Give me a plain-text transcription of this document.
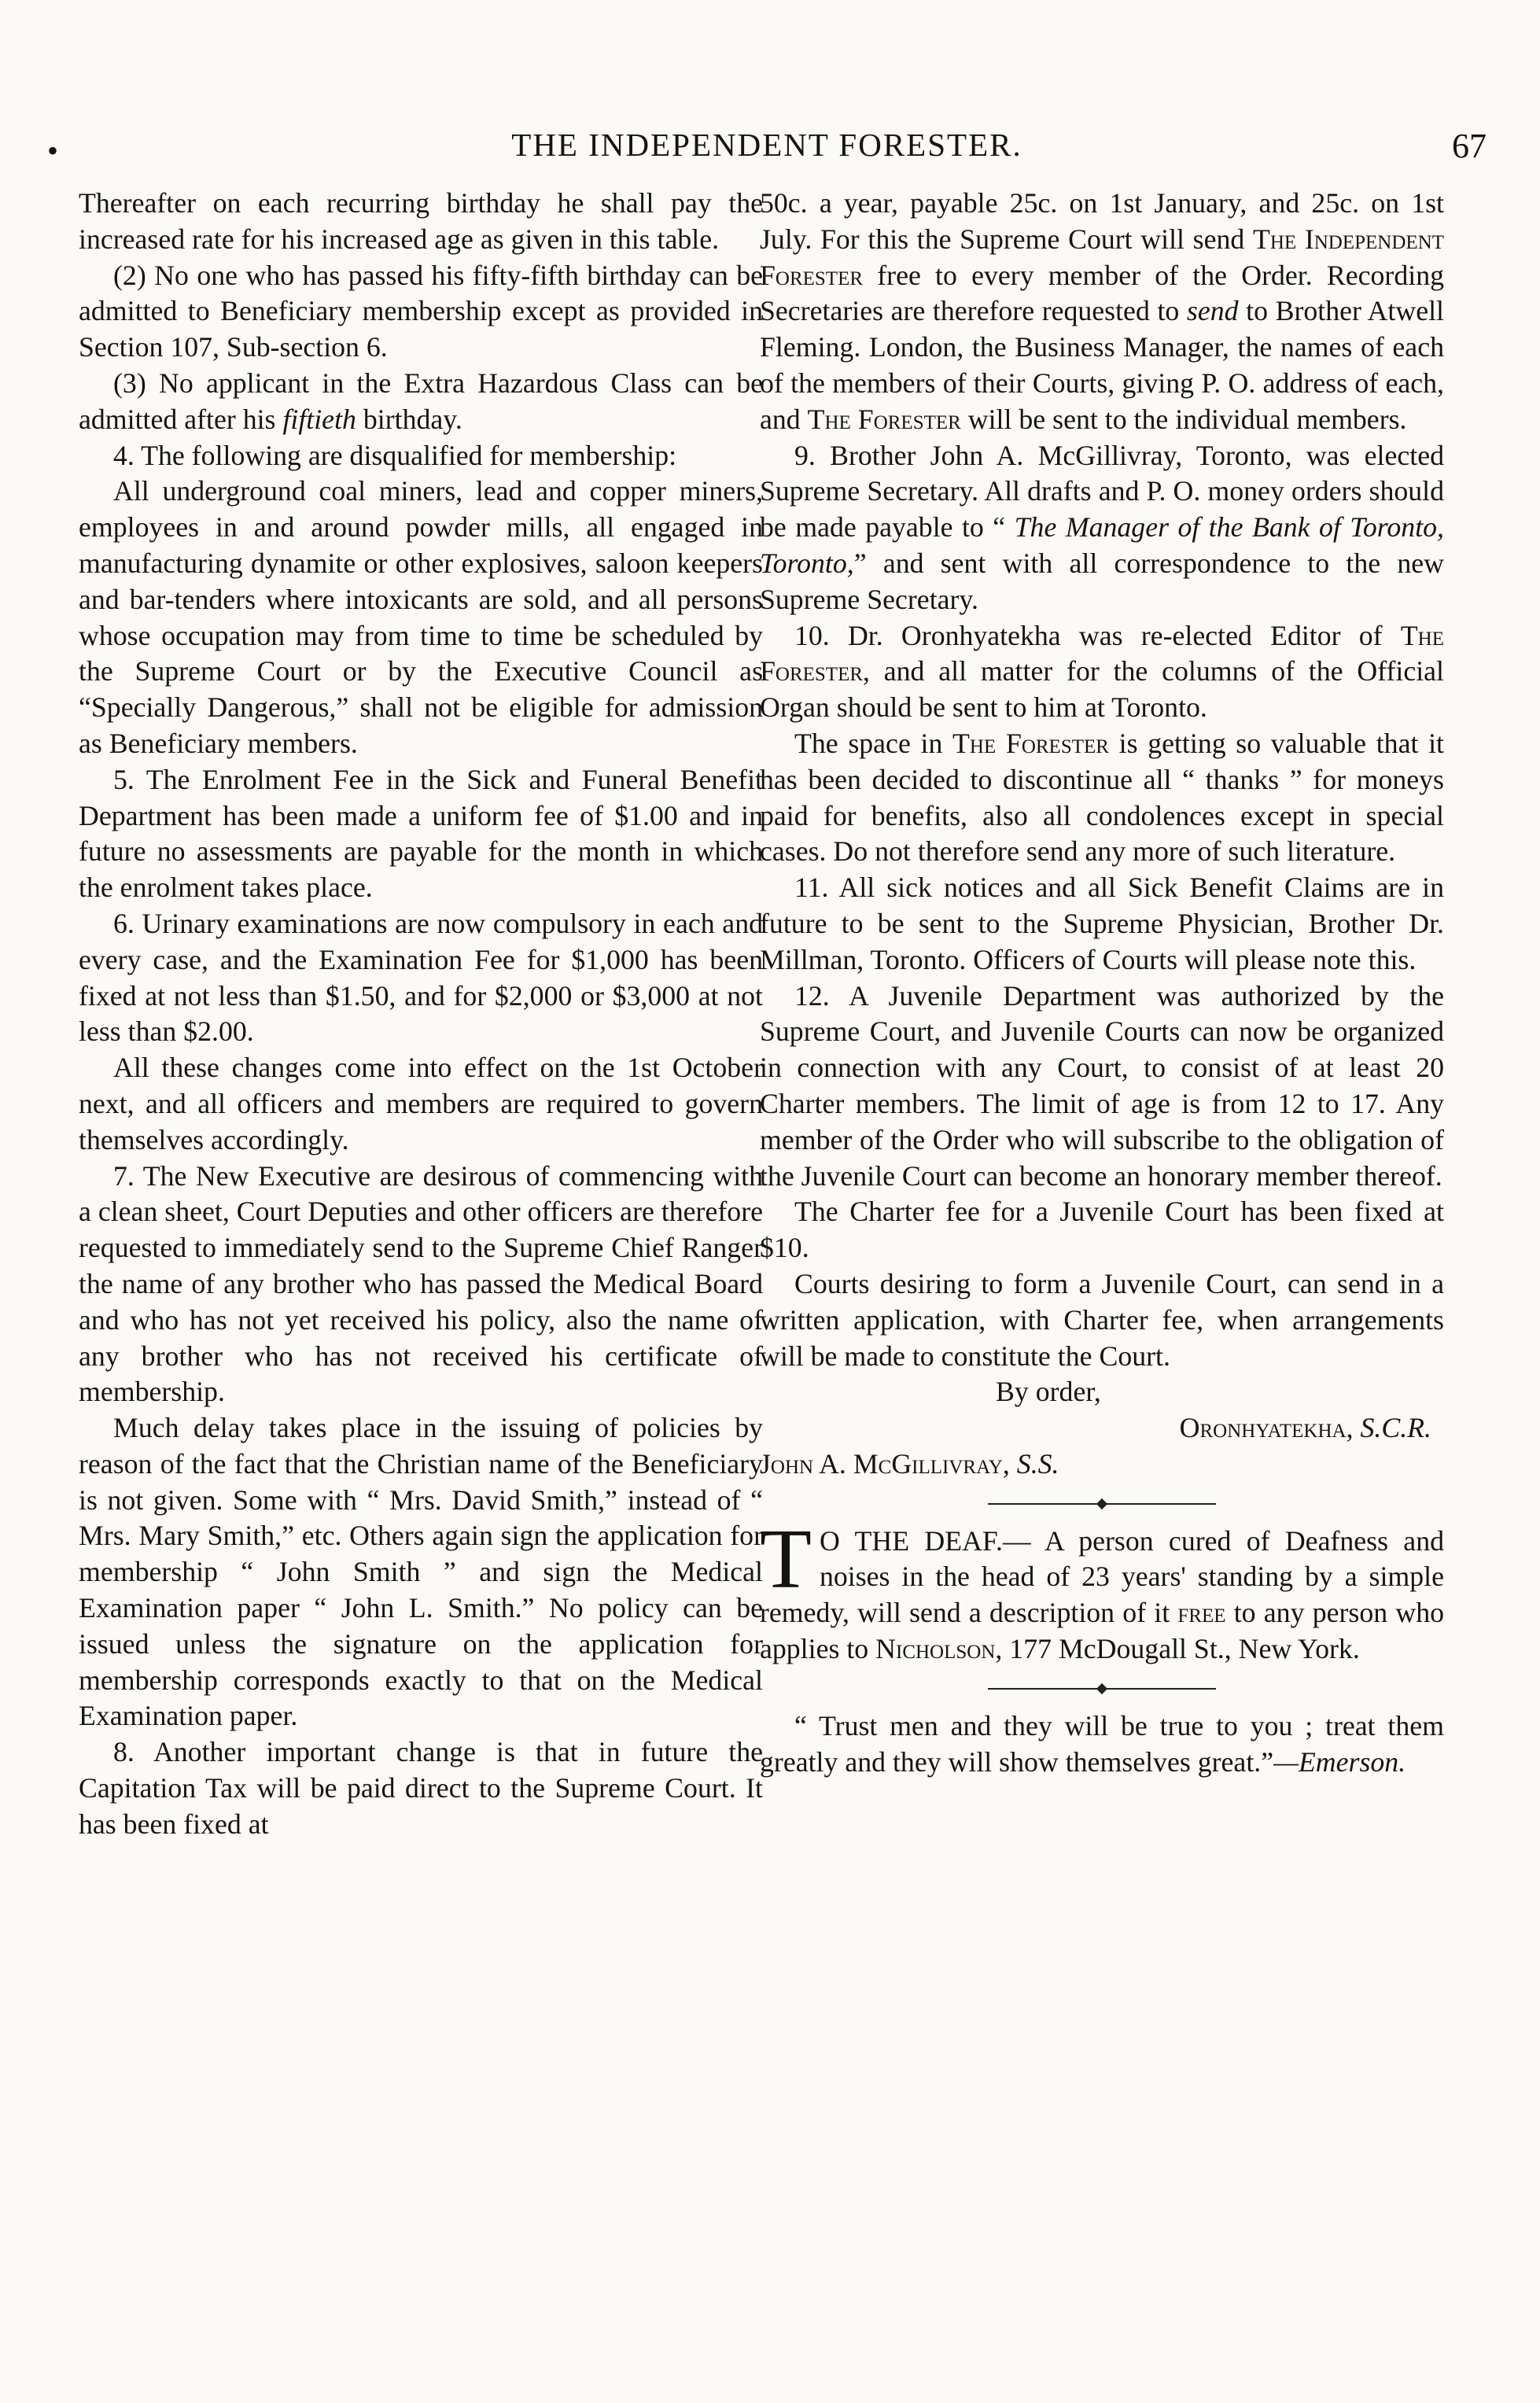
•	THE INDEPENDENT FORESTER.	67

Thereafter on each recurring birthday he shall pay the increased rate for his increased age as given in this table.

(2) No one who has passed his fifty-fifth birthday can be admitted to Beneficiary membership except as provided in Section 107, Sub-section 6.

(3) No applicant in the Extra Hazardous Class can be admitted after his fiftieth birthday.

4. The following are disqualified for membership:

All underground coal miners, lead and copper miners, employees in and around powder mills, all engaged in manufacturing dynamite or other explosives, saloon keepers and bar-tenders where intoxicants are sold, and all persons whose occupation may from time to time be scheduled by the Supreme Court or by the Executive Council as “Specially Dangerous,” shall not be eligible for admission as Beneficiary members.

5. The Enrolment Fee in the Sick and Funeral Benefit Department has been made a uniform fee of $1.00 and in future no assessments are payable for the month in which the enrolment takes place.

6. Urinary examinations are now compulsory in each and every case, and the Examination Fee for $1,000 has been fixed at not less than $1.50, and for $2,000 or $3,000 at not less than $2.00.

All these changes come into effect on the 1st October next, and all officers and members are required to govern themselves accordingly.

7. The New Executive are desirous of commencing with a clean sheet, Court Deputies and other officers are therefore requested to immediately send to the Supreme Chief Ranger the name of any brother who has passed the Medical Board and who has not yet received his policy, also the name of any brother who has not received his certificate of membership.

Much delay takes place in the issuing of policies by reason of the fact that the Christian name of the Beneficiary is not given. Some with “ Mrs. David Smith,” instead of “ Mrs. Mary Smith,” etc. Others again sign the application for membership “ John Smith ” and sign the Medical Examination paper “ John L. Smith.” No policy can be issued unless the signature on the application for membership corresponds exactly to that on the Medical Examination paper.

8. Another important change is that in future the Capitation Tax will be paid direct to the Supreme Court. It has been fixed at

50c. a year, payable 25c. on 1st January, and 25c. on 1st July. For this the Supreme Court will send The Independent Forester free to every member of the Order. Recording Secretaries are therefore requested to send to Brother Atwell Fleming. London, the Business Manager, the names of each of the members of their Courts, giving P. O. address of each, and The Forester will be sent to the individual members.

9. Brother John A. McGillivray, Toronto, was elected Supreme Secretary. All drafts and P. O. money orders should be made payable to “ The Manager of the Bank of Toronto, Toronto,” and sent with all correspondence to the new Supreme Secretary.

10. Dr. Oronhyatekha was re-elected Editor of The Forester, and all matter for the columns of the Official Organ should be sent to him at Toronto.

The space in The Forester is getting so valuable that it has been decided to discontinue all “ thanks ” for moneys paid for benefits, also all condolences except in special cases. Do not therefore send any more of such literature.

11. All sick notices and all Sick Benefit Claims are in future to be sent to the Supreme Physician, Brother Dr. Millman, Toronto. Officers of Courts will please note this.

12. A Juvenile Department was authorized by the Supreme Court, and Juvenile Courts can now be organized in connection with any Court, to consist of at least 20 Charter members. The limit of age is from 12 to 17. Any member of the Order who will subscribe to the obligation of the Juvenile Court can become an honorary member thereof.

The Charter fee for a Juvenile Court has been fixed at $10.

Courts desiring to form a Juvenile Court, can send in a written application, with Charter fee, when arrangements will be made to constitute the Court.

By order,
Oronhyatekha, S.C.R.
John A. McGillivray, S.S.

T O THE DEAF.— A person cured of Deafness and noises in the head of 23 years' standing by a simple remedy, will send a description of it free to any person who applies to Nicholson, 177 McDougall St., New York.

“ Trust men and they will be true to you ; treat them greatly and they will show themselves great.”—Emerson.
